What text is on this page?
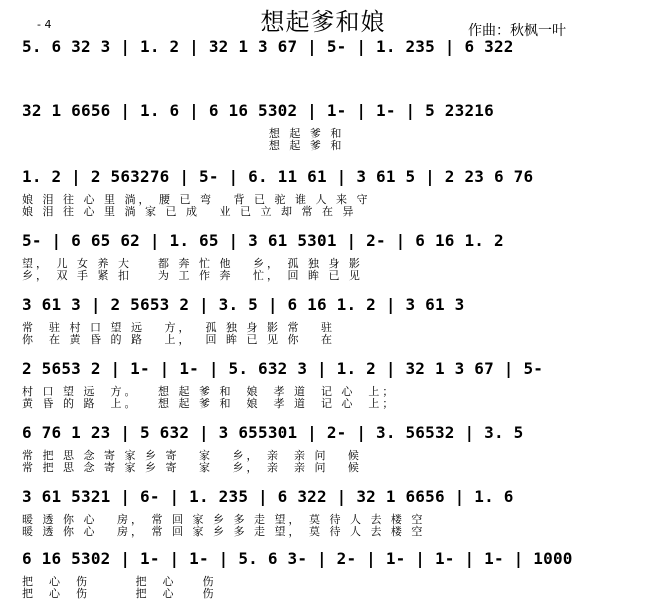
想起爹和娘
- 4	作曲：秋枫一叶
5. 6 32 3 | 1. 2 | 32 1 3 67 | 5- | 1. 235 | 6 322
32 1 6656 | 1. 6 | 6 16 5302 | 1- | 1- | 5 23216
想 起 爹 和
想 起 爹 和
1. 2 | 2 563276 | 5- | 6. 11 61 | 3 61 5 | 2 23 6 76
娘 泪 往 心 里 淌， 腰 已 弯   背 已 驼 谁 人 来 守
娘 泪 往 心 里 淌 家 已 成   业 已 立 却 常 在 异
5- | 6 65 62 | 1. 65 | 3 61 5301 | 2- | 6 16 1. 2
望， 儿 女 养 大    都 奔 忙 他   乡， 孤 独 身 影
乡， 双 手 紧 扣    为 工 作 奔   忙， 回 眸 已 见
3 61 3 | 2 5653 2 | 3. 5 | 6 16 1. 2 | 3 61 3
常  驻 村 口 望 远   方，  孤 独 身 影 常   驻
你  在 黄 昏 的 路   上，  回 眸 已 见 你   在
2 5653 2 | 1- | 1- | 5. 632 3 | 1. 2 | 32 1 3 67 | 5-
村 口 望 远  方。   想 起 爹 和  娘  孝 道  记 心  上；
黄 昏 的 路  上。   想 起 爹 和  娘  孝 道  记 心  上；
6 76 1 23 | 5 632 | 3 655301 | 2- | 3. 56532 | 3. 5
常 把 思 念 寄 家 乡 寄   家   乡， 亲  亲 问   候
常 把 思 念 寄 家 乡 寄   家   乡， 亲  亲 问   候
3 61 5321 | 6- | 1. 235 | 6 322 | 32 1 6656 | 1. 6
暖 透 你 心   房， 常 回 家 乡 多 走 望， 莫 待 人 去 楼 空
暖 透 你 心   房， 常 回 家 乡 多 走 望， 莫 待 人 去 楼 空
6 16 5302 | 1- | 1- | 5. 6 3- | 2- | 1- | 1- | 1- | 1000
把  心  伤       把  心    伤
把  心  伤       把  心    伤
